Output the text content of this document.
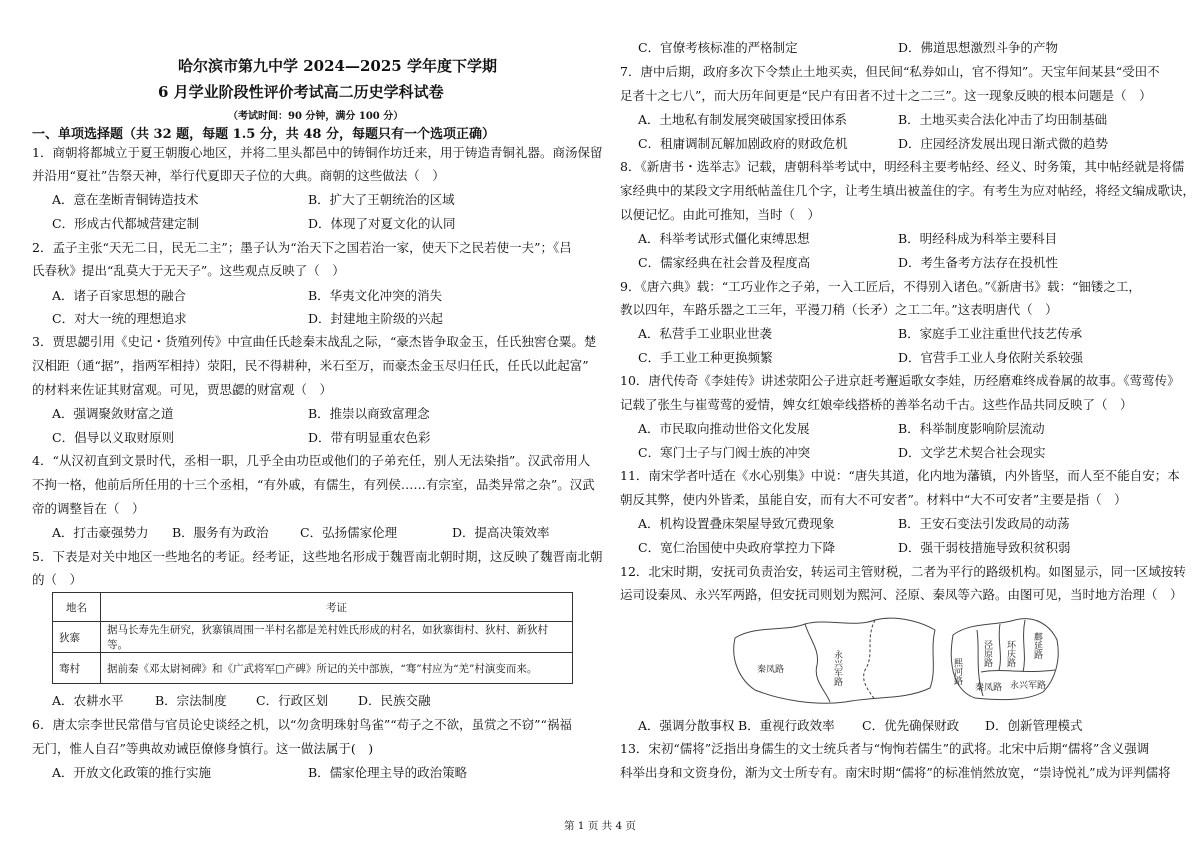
哈尔滨市第九中学 2024—2025 学年度下学期
6 月学业阶段性评价考试高二历史学科试卷
（考试时间：90 分钟，满分 100 分）
一、单项选择题（共 32 题，每题 1.5 分，共 48 分，每题只有一个选项正确）
1．商朝将都城立于夏王朝腹心地区，并将二里头都邑中的铸铜作坊迁来，用于铸造青铜礼器。商汤保留
并沿用“夏社”告祭天神，举行代夏即天子位的大典。商朝的这些做法（　）
A．意在垄断青铜铸造技术	B．扩大了王朝统治的区域
C．形成古代都城营建定制	D．体现了对夏文化的认同
2．孟子主张“天无二日，民无二主”；墨子认为“治天下之国若治一家，使天下之民若使一夫”；《吕
氏春秋》提出“乱莫大于无天子”。这些观点反映了（　）
A．诸子百家思想的融合	B．华夷文化冲突的消失
C．对大一统的理想追求	D．封建地主阶级的兴起
3．贾思勰引用《史记・货殖列传》中宣曲任氏趁秦末战乱之际，“豪杰皆争取金玉，任氏独窖仓粟。楚
汉相距（通“据”，指两军相持）荥阳，民不得耕种，米石至万，而豪杰金玉尽归任氏，任氏以此起富”
的材料来佐证其财富观。可见，贾思勰的财富观（　）
A．强调聚敛财富之道	B．推崇以商致富理念
C．倡导以义取财原则	D．带有明显重农色彩
4．“从汉初直到文景时代，丞相一职，几乎全由功臣或他们的子弟充任，别人无法染指”。汉武帝用人
不拘一格，他前后所任用的十三个丞相，“有外戚，有儒生，有列侯……有宗室，品类异常之杂”。汉武
帝的调整旨在（　）
A．打击豪强势力 B．服务有为政治	C．弘扬儒家伦理	D．提高决策效率
5．下表是对关中地区一些地名的考证。经考证，这些地名形成于魏晋南北朝时期，这反映了魏晋南北朝
的（　）
地名	考证
狄寨	据马长寿先生研究，狄寨镇周围一半村名都是羌村姓氏形成的村名，如狄寨街村、狄村、新狄村等。
骞村	据前秦《邓太尉祠碑》和《广武将军□产碑》所记的关中部族，“骞”村应为“羌”村演变而来。
A．农耕水平	B．宗法制度 C．行政区划 D．民族交融
6．唐太宗李世民常借与官员论史谈经之机，以“勿贪明珠射鸟雀”“苟子之不欲，虽赏之不窃”“祸福
无门，惟人自召”等典故劝诫臣僚修身慎行。这一做法属于(　)
A．开放文化政策的推行实施	B．儒家伦理主导的政治策略
C．官僚考核标准的严格制定	D．佛道思想激烈斗争的产物
7．唐中后期，政府多次下令禁止土地买卖，但民间“私券如山，官不得知”。天宝年间某县“受田不
足者十之七八”，而大历年间更是“民户有田者不过十之二三”。这一现象反映的根本问题是（　）
A．土地私有制发展突破国家授田体系	B．土地买卖合法化冲击了均田制基础
C．租庸调制瓦解加剧政府的财政危机	D．庄园经济发展出现日渐式微的趋势
8．《新唐书・选举志》记载，唐朝科举考试中，明经科主要考帖经、经义、时务策，其中帖经就是将儒
家经典中的某段文字用纸帖盖住几个字，让考生填出被盖住的字。有考生为应对帖经，将经文编成歌诀，
以便记忆。由此可推知，当时（　）
A．科举考试形式僵化束缚思想	B．明经科成为科举主要科目
C．儒家经典在社会普及程度高	D．考生备考方法存在投机性
9．《唐六典》载：“工巧业作之子弟，一入工匠后，不得别入诸色。”《新唐书》载：“钿镂之工，
教以四年，车路乐器之工三年，平漫刀稍（长矛）之工二年。”这表明唐代（　）
A．私营手工业职业世袭	B．家庭手工业注重世代技艺传承
C．手工业工种更换频繁	D．官营手工业人身依附关系较强
10．唐代传奇《李娃传》讲述荥阳公子进京赶考邂逅歌女李娃，历经磨难终成眷属的故事。《莺莺传》
记载了张生与崔莺莺的爱情，婢女红娘牵线搭桥的善举名动千古。这些作品共同反映了（　）
A．市民取向推动世俗文化发展	B．科举制度影响阶层流动
C．寒门士子与门阀士族的冲突	D．文学艺术契合社会现实
11．南宋学者叶适在《水心别集》中说：“唐失其道，化内地为藩镇，内外皆坚，而人至不能自安；本
朝反其弊，使内外皆柔，虽能自安，而有大不可安者”。材料中“大不可安者”主要是指（　）
A．机构设置叠床架屋导致冗费现象	B．王安石变法引发政局的动荡
C．宽仁治国使中央政府掌控力下降	D．强干弱枝措施导致积贫积弱
12．北宋时期，安抚司负责治安，转运司主管财税，二者为平行的路级机构。如图显示，同一区域按转
运司设秦凤、永兴军两路，但安抚司则划为熙河、泾原、秦凤等六路。由图可见，当时地方治理（　）
秦凤路	永兴军路	熙河路
泾原路 环庆路 鄜延路
秦凤路 永兴军路
A．强调分散事权 B．重视行政效率 C．优先确保财政 D．创新管理模式
13．宋初“儒将”泛指出身儒生的文士统兵者与“恂恂若儒生”的武将。北宋中后期“儒将”含义强调
科举出身和文资身份，渐为文士所专有。南宋时期“儒将”的标准悄然放宽，“崇诗悦礼”成为评判儒将
第 1 页 共 4 页
